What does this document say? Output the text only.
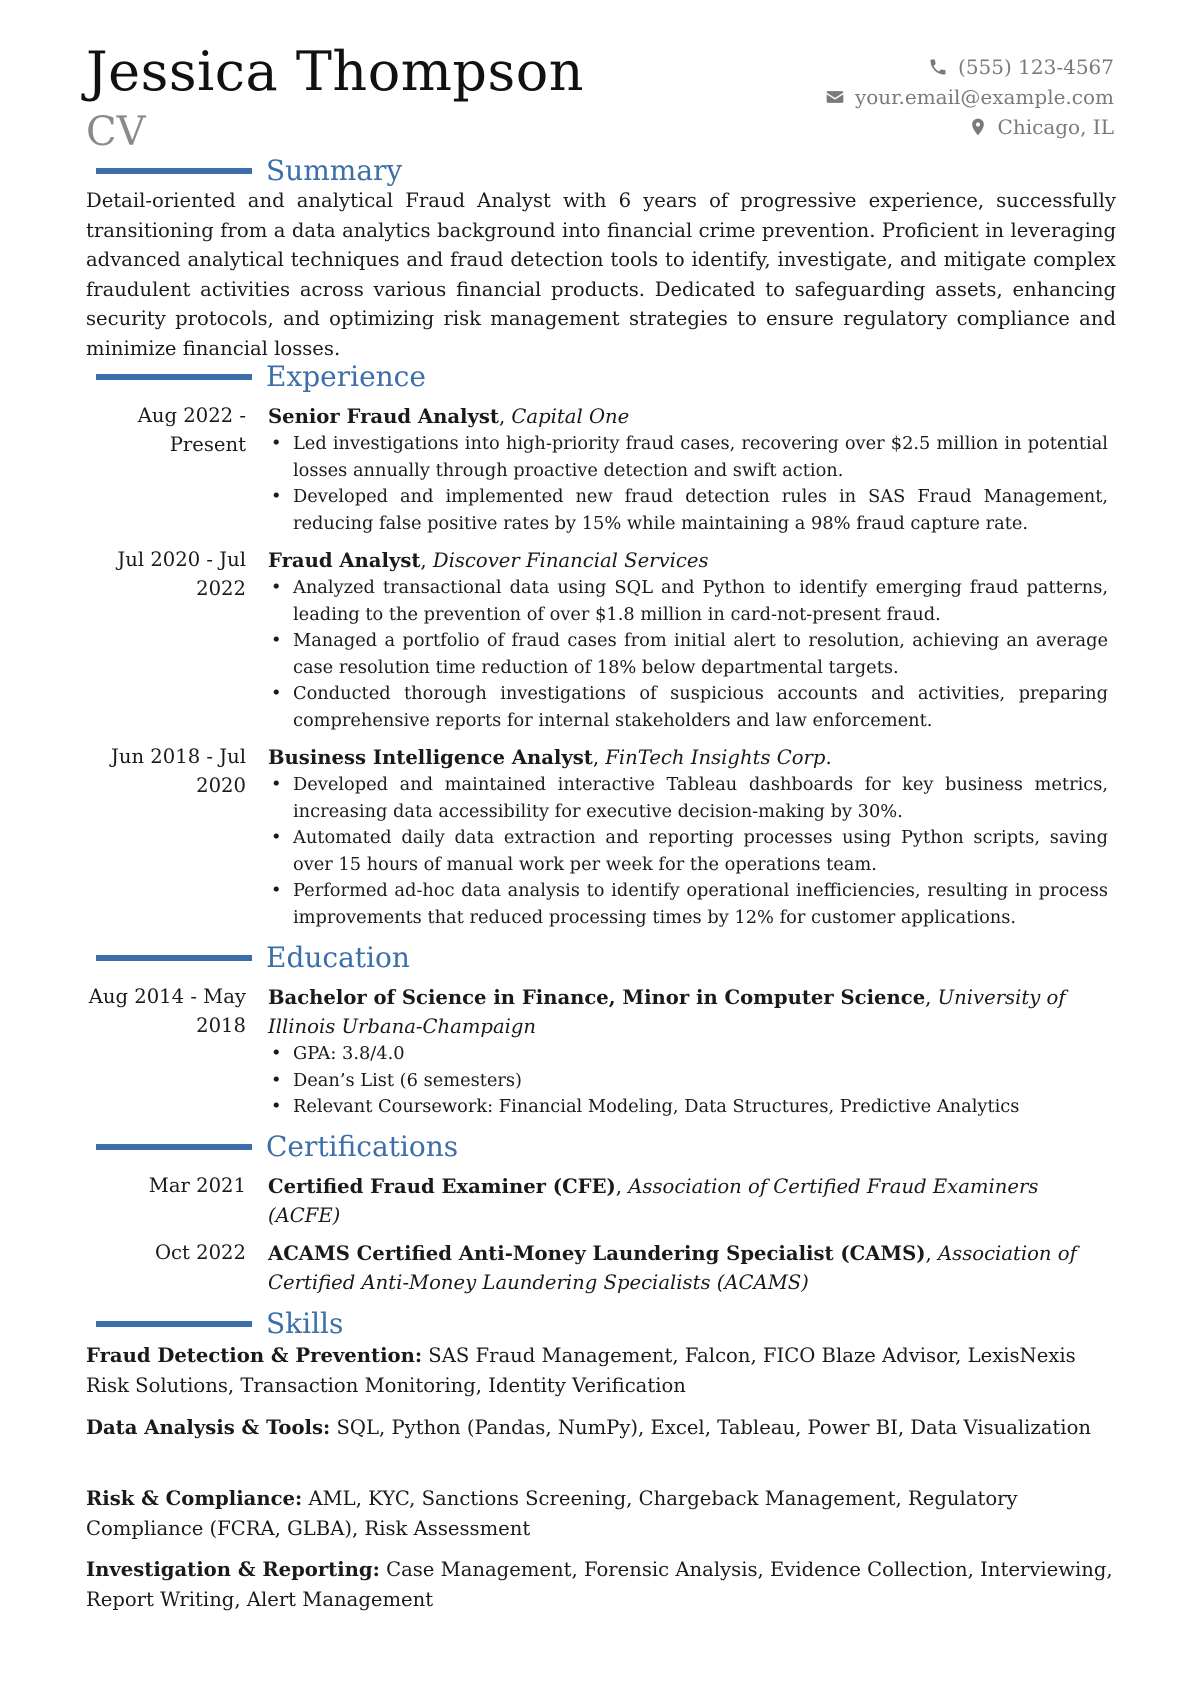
Jessica Thompson
CV
(555) 123-4567
your.email@example.com
Chicago, IL
Summary
Detail-oriented and analytical Fraud Analyst with 6 years of progressive experience, successfully transitioning from a data analytics background into financial crime prevention. Proficient in leveraging advanced analytical techniques and fraud detection tools to identify, investigate, and mitigate complex fraudulent activities across various financial products. Dedicated to safeguarding assets, enhancing security protocols, and optimizing risk management strategies to ensure regulatory compliance and minimize financial losses.
Experience
Aug 2022 - Present
Senior Fraud Analyst, Capital One
• Led investigations into high-priority fraud cases, recovering over $2.5 million in potential losses annually through proactive detection and swift action.
• Developed and implemented new fraud detection rules in SAS Fraud Management, reducing false positive rates by 15% while maintaining a 98% fraud capture rate.
Jul 2020 - Jul 2022
Fraud Analyst, Discover Financial Services
• Analyzed transactional data using SQL and Python to identify emerging fraud patterns, leading to the prevention of over $1.8 million in card-not-present fraud.
• Managed a portfolio of fraud cases from initial alert to resolution, achieving an average case resolution time reduction of 18% below departmental targets.
• Conducted thorough investigations of suspicious accounts and activities, preparing comprehensive reports for internal stakeholders and law enforcement.
Jun 2018 - Jul 2020
Business Intelligence Analyst, FinTech Insights Corp.
• Developed and maintained interactive Tableau dashboards for key business metrics, increasing data accessibility for executive decision-making by 30%.
• Automated daily data extraction and reporting processes using Python scripts, saving over 15 hours of manual work per week for the operations team.
• Performed ad-hoc data analysis to identify operational inefficiencies, resulting in process improvements that reduced processing times by 12% for customer applications.
Education
Aug 2014 - May 2018
Bachelor of Science in Finance, Minor in Computer Science, University of Illinois Urbana-Champaign
• GPA: 3.8/4.0
• Dean’s List (6 semesters)
• Relevant Coursework: Financial Modeling, Data Structures, Predictive Analytics
Certifications
Mar 2021 Certified Fraud Examiner (CFE), Association of Certified Fraud Examiners (ACFE)
Oct 2022 ACAMS Certified Anti-Money Laundering Specialist (CAMS), Association of Certified Anti-Money Laundering Specialists (ACAMS)
Skills
Fraud Detection & Prevention: SAS Fraud Management, Falcon, FICO Blaze Advisor, LexisNexis Risk Solutions, Transaction Monitoring, Identity Verification
Data Analysis & Tools: SQL, Python (Pandas, NumPy), Excel, Tableau, Power BI, Data Visualization
Risk & Compliance: AML, KYC, Sanctions Screening, Chargeback Management, Regulatory Compliance (FCRA, GLBA), Risk Assessment
Investigation & Reporting: Case Management, Forensic Analysis, Evidence Collection, Interviewing, Report Writing, Alert Management
